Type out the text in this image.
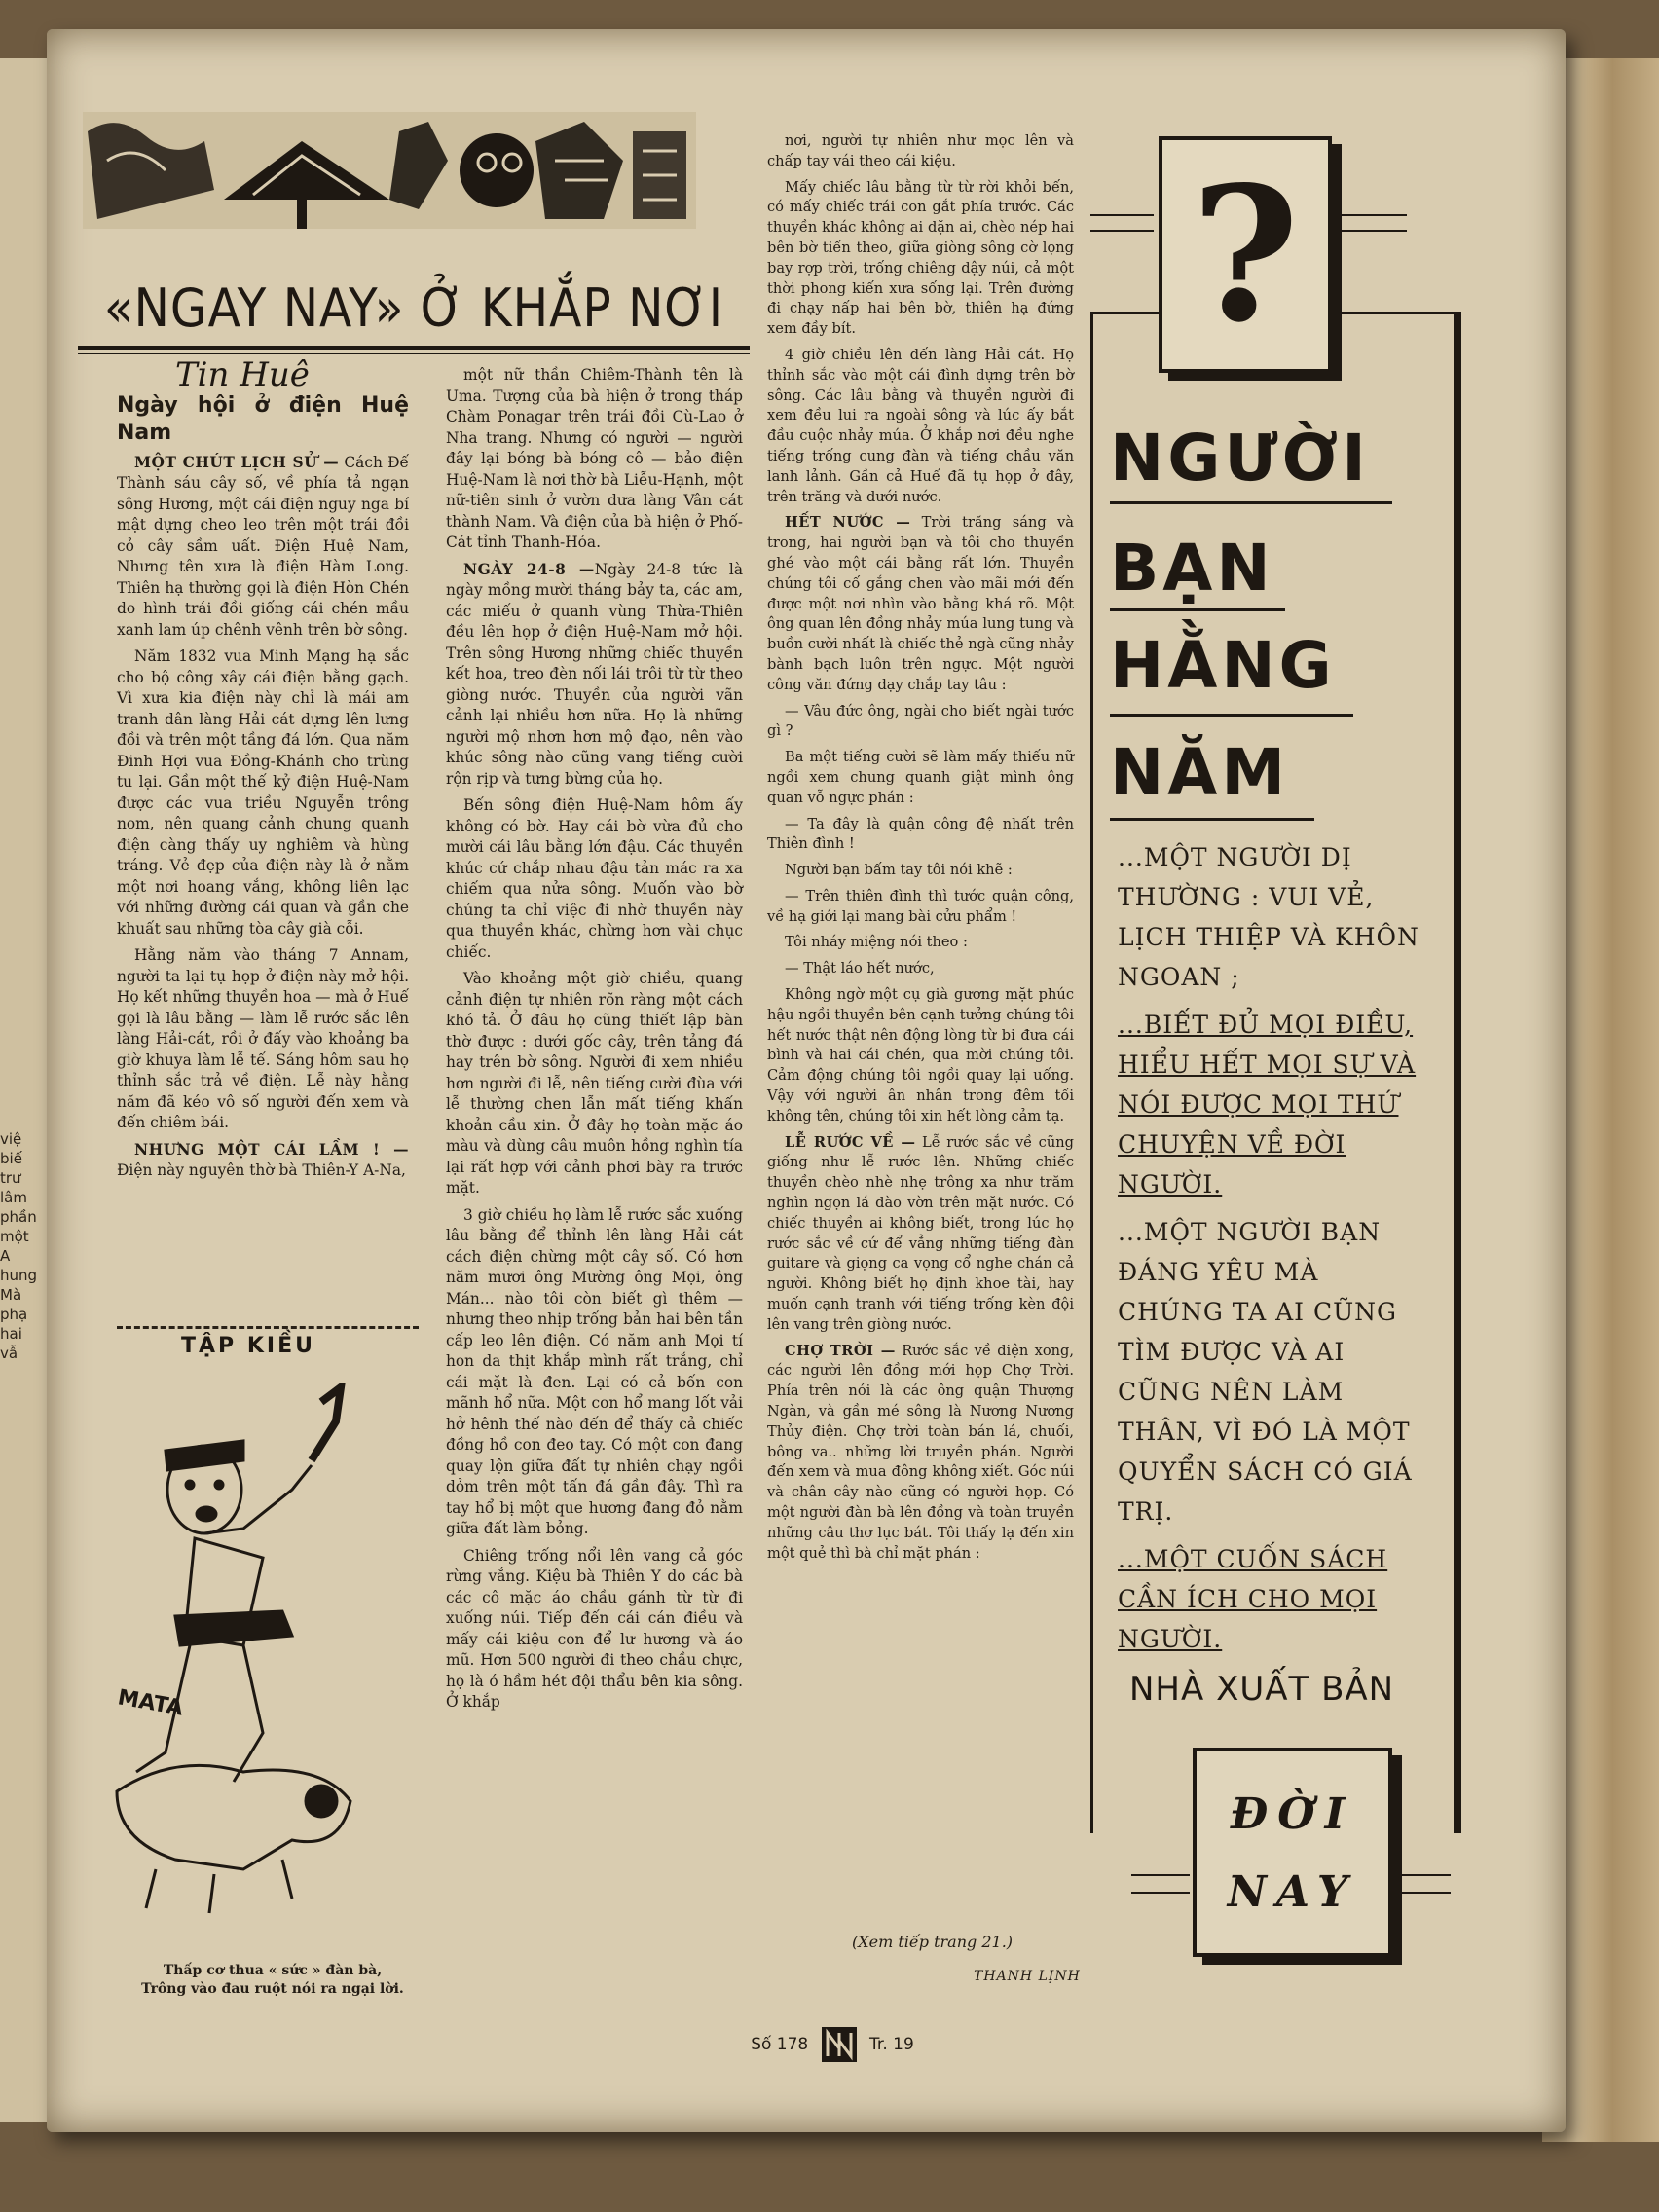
việ
biế
trư
lâm
phần
một
A
hung
Mà
phạ
hai
vẫ
«NGAY NAY» Ở KHẮP NƠI
Tin Huê
Ngày hội ở điện Huệ Nam

MỘT CHÚT LỊCH SỬ — Cách Đế Thành sáu cây số, về phía tả ngạn sông Hương, một cái điện nguy nga bí mật dựng cheo leo trên một trái đồi cỏ cây sầm uất. Điện Huệ Nam, Nhưng tên xưa là điện Hàm Long. Thiên hạ thường gọi là điện Hòn Chén do hình trái đồi giống cái chén mầu xanh lam úp chênh vênh trên bờ sông.

Năm 1832 vua Minh Mạng hạ sắc cho bộ công xây cái điện bằng gạch. Vì xưa kia điện này chỉ là mái am tranh dân làng Hải cát dựng lên lưng đồi và trên một tầng đá lớn. Qua năm Đinh Hợi vua Đồng-Khánh cho trùng tu lại. Gần một thế kỷ điện Huệ-Nam được các vua triều Nguyễn trông nom, nên quang cảnh chung quanh điện càng thấy uy nghiêm và hùng tráng. Vẻ đẹp của điện này là ở nằm một nơi hoang vắng, không liên lạc với những đường cái quan và gần che khuất sau những tòa cây già cỗi.

Hằng năm vào tháng 7 Annam, người ta lại tụ họp ở điện này mở hội. Họ kết những thuyền hoa — mà ở Huế gọi là lâu bằng — làm lễ rước sắc lên làng Hải-cát, rồi ở đấy vào khoảng ba giờ khuya làm lễ tế. Sáng hôm sau họ thỉnh sắc trả về điện. Lễ này hằng năm đã kéo vô số người đến xem và đến chiêm bái.

NHƯNG MỘT CÁI LẦM ! — Điện này nguyên thờ bà Thiên-Y A-Na,

TẬP KIỀU
MATA
Thấp cơ thua « sức » đàn bà,
Trông vào đau ruột nói ra ngại lời.

một nữ thần Chiêm-Thành tên là Uma. Tượng của bà hiện ở trong tháp Chàm Ponagar trên trái đồi Cù-Lao ở Nha trang. Nhưng có người — người đây lại bóng bà bóng cô — bảo điện Huệ-Nam là nơi thờ bà Liễu-Hạnh, một nữ-tiên sinh ở vườn dưa làng Vân cát thành Nam. Và điện của bà hiện ở Phố-Cát tỉnh Thanh-Hóa.

NGÀY 24-8 —Ngày 24-8 tức là ngày mồng mười tháng bảy ta, các am, các miếu ở quanh vùng Thừa-Thiên đều lên họp ở điện Huệ-Nam mở hội. Trên sông Hương những chiếc thuyền kết hoa, treo đèn nối lái trôi từ từ theo giòng nước. Thuyền của người vãn cảnh lại nhiều hơn nữa. Họ là những người mộ nhơn hơn mộ đạo, nên vào khúc sông nào cũng vang tiếng cười rộn rịp và tưng bừng của họ.

Bến sông điện Huệ-Nam hôm ấy không có bờ. Hay cái bờ vừa đủ cho mười cái lâu bằng lớn đậu. Các thuyền khúc cứ chắp nhau đậu tản mác ra xa chiếm qua nửa sông. Muốn vào bờ chúng ta chỉ việc đi nhờ thuyền này qua thuyền khác, chừng hơn vài chục chiếc.

Vào khoảng một giờ chiều, quang cảnh điện tự nhiên rõn ràng một cách khó tả. Ở đâu họ cũng thiết lập bàn thờ được : dưới gốc cây, trên tảng đá hay trên bờ sông. Người đi xem nhiều hơn người đi lễ, nên tiếng cười đùa với lễ thường chen lẫn mất tiếng khấn khoản cầu xin. Ở đây họ toàn mặc áo màu và dùng câu muôn hồng nghìn tía lại rất hợp với cảnh phơi bày ra trước mặt.

3 giờ chiều họ làm lễ rước sắc xuống lâu bằng để thỉnh lên làng Hải cát cách điện chừng một cây số. Có hơn năm mươi ông Mường ông Mọi, ông Mán... nào tôi còn biết gì thêm — nhưng theo nhịp trống bản hai bên tần cấp leo lên điện. Có năm anh Mọi tí hon da thịt khắp mình rất trắng, chỉ cái mặt là đen. Lại có cả bốn con mãnh hổ nữa. Một con hổ mang lốt vải hở hênh thế nào đến để thấy cả chiếc đồng hồ con đeo tay. Có một con đang quay lộn giữa đất tự nhiên chạy ngồi dỏm trên một tấn đá gần đây. Thì ra tay hổ bị một que hương đang đỏ nằm giữa đất làm bỏng.

Chiêng trống nổi lên vang cả góc rừng vắng. Kiệu bà Thiên Y do các bà các cô mặc áo chầu gánh từ từ đi xuống núi. Tiếp đến cái cán điều và mấy cái kiệu con để lư hương và áo mũ. Hơn 500 người đi theo chầu chực, họ là ó hầm hét đội thẩu bên kia sông. Ở khắp

nơi, người tự nhiên như mọc lên và chấp tay vái theo cái kiệu.

Mấy chiếc lâu bằng từ từ rời khỏi bến, có mấy chiếc trái con gắt phía trước. Các thuyền khác không ai dặn ai, chèo nép hai bên bờ tiến theo, giữa giòng sông cờ lọng bay rợp trời, trống chiêng dậy núi, cả một thời phong kiến xưa sống lại. Trên đường đi chạy nấp hai bên bờ, thiên hạ đứng xem đầy bít.

4 giờ chiều lên đến làng Hải cát. Họ thỉnh sắc vào một cái đình dựng trên bờ sông. Các lâu bằng và thuyền người đi xem đều lui ra ngoài sông và lúc ấy bắt đầu cuộc nhảy múa. Ở khắp nơi đều nghe tiếng trống cung đàn và tiếng chầu văn lanh lảnh. Gần cả Huế đã tụ họp ở đây, trên trăng và dưới nước.

HẾT NƯỚC — Trời trăng sáng và trong, hai người bạn và tôi cho thuyền ghé vào một cái bằng rất lớn. Thuyền chúng tôi cố gắng chen vào mãi mới đến được một nơi nhìn vào bằng khá rõ. Một ông quan lên đồng nhảy múa lung tung và buồn cười nhất là chiếc thẻ ngà cũng nhảy bành bạch luôn trên ngực. Một người công văn đứng dạy chắp tay tâu :

— Vâu đức ông, ngài cho biết ngài tước gì ?

Ba một tiếng cười sẽ làm mấy thiếu nữ ngồi xem chung quanh giật mình ông quan vỗ ngực phán :

— Ta đây là quận công đệ nhất trên Thiên đình !

Người bạn bấm tay tôi nói khẽ :

— Trên thiên đình thì tước quận công, về hạ giới lại mang bài cửu phẩm !

Tôi nháy miệng nói theo :

— Thật láo hết nước,

Không ngờ một cụ già gương mặt phúc hậu ngồi thuyền bên cạnh tưởng chúng tôi hết nước thật nên động lòng từ bi đưa cái bình và hai cái chén, qua mời chúng tôi. Cảm động chúng tôi ngồi quay lại uống. Vậy với người ân nhân trong đêm tối không tên, chúng tôi xin hết lòng cảm tạ.

LỄ RƯỚC VỀ — Lễ rước sắc về cũng giống như lễ rước lên. Những chiếc thuyền chèo nhè nhẹ trông xa như trăm nghìn ngọn lá đào vờn trên mặt nước. Có chiếc thuyền ai không biết, trong lúc họ rước sắc về cứ để vẳng những tiếng đàn guitare và giọng ca vọng cổ nghe chán cả người. Không biết họ định khoe tài, hay muốn cạnh tranh với tiếng trống kèn đội lên vang trên giòng nước.

CHỢ TRỜI — Rước sắc về điện xong, các người lên đồng mới họp Chợ Trời. Phía trên nói là các ông quận Thượng Ngàn, và gần mé sông là Nương Nương Thủy điện. Chợ trời toàn bán lá, chuối, bông va.. những lời truyền phán. Người đến xem và mua đông không xiết. Góc núi và chân cây nào cũng có người họp. Có một người đàn bà lên đồng và toàn truyền những câu thơ lục bát. Tôi thấy lạ đến xin một quẻ thì bà chỉ mặt phán :

(Xem tiếp trang 21.)
THANH LỊNH
Số 178	Tr. 19
?
NGƯỜI
BẠN
HẰNG
NĂM

...MỘT NGƯỜI DỊ THƯỜNG : VUI VẺ, LỊCH THIỆP VÀ KHÔN NGOAN ;

...BIẾT ĐỦ MỌI ĐIỀU, HIỂU HẾT MỌI SỰ VÀ NÓI ĐƯỢC MỌI THỨ CHUYỆN VỀ ĐỜI NGƯỜI.

...MỘT NGƯỜI BẠN ĐÁNG YÊU MÀ CHÚNG TA AI CŨNG TÌM ĐƯỢC VÀ AI CŨNG NÊN LÀM THÂN, VÌ ĐÓ LÀ MỘT QUYỂN SÁCH CÓ GIÁ TRỊ.

...MỘT CUỐN SÁCH CẦN ÍCH CHO MỌI NGƯỜI.

NHÀ XUẤT BẢN
ĐỜI
NAY
